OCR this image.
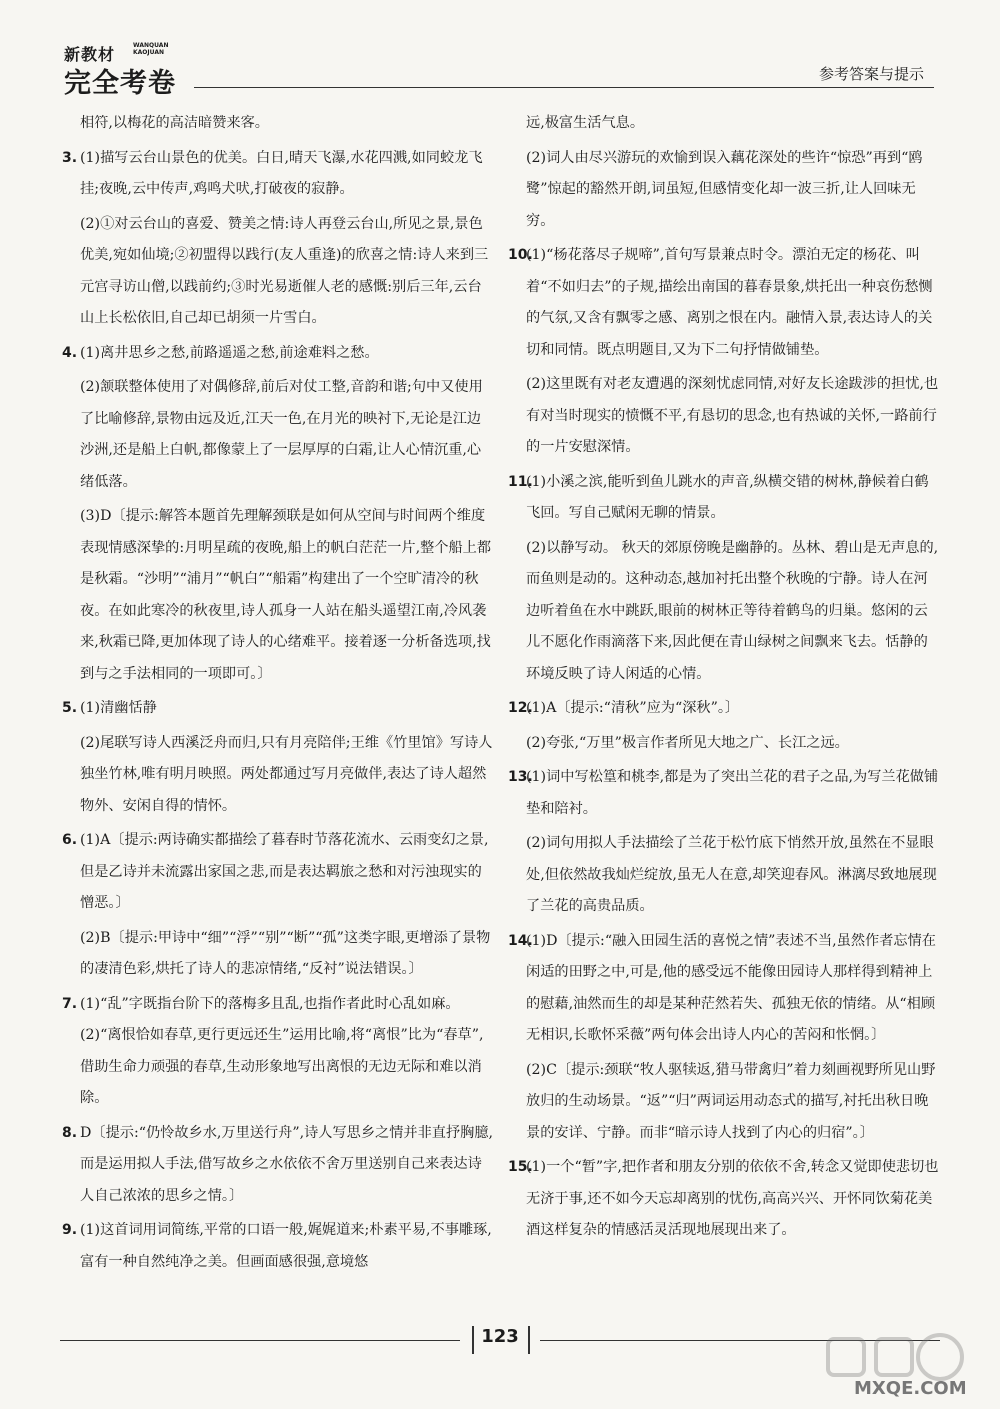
新教材	WANQUAN
KAOJUAN
完全考卷	参考答案与提示
相符,以梅花的高洁暗赞来客。
3. (1)描写云台山景色的优美。白日,晴天飞瀑,水花四溅,如同蛟龙飞挂;夜晚,云中传声,鸡鸣犬吠,打破夜的寂静。
(2)①对云台山的喜爱、赞美之情:诗人再登云台山,所见之景,景色优美,宛如仙境;②初盟得以践行(友人重逢)的欣喜之情:诗人来到三元宫寻访山僧,以践前约;③时光易逝催人老的感慨:别后三年,云台山上长松依旧,自己却已胡须一片雪白。
4. (1)离井思乡之愁,前路遥遥之愁,前途难料之愁。
(2)颔联整体使用了对偶修辞,前后对仗工整,音韵和谐;句中又使用了比喻修辞,景物由远及近,江天一色,在月光的映衬下,无论是江边沙洲,还是船上白帆,都像蒙上了一层厚厚的白霜,让人心情沉重,心绪低落。
(3)D〔提示:解答本题首先理解颈联是如何从空间与时间两个维度表现情感深挚的:月明星疏的夜晚,船上的帆白茫茫一片,整个船上都是秋霜。“沙明”“浦月”“帆白”“船霜”构建出了一个空旷清冷的秋夜。在如此寒冷的秋夜里,诗人孤身一人站在船头遥望江南,冷风袭来,秋霜已降,更加体现了诗人的心绪难平。接着逐一分析备选项,找到与之手法相同的一项即可。〕
5. (1)清幽恬静
(2)尾联写诗人西溪泛舟而归,只有月亮陪伴;王维《竹里馆》写诗人独坐竹林,唯有明月映照。两处都通过写月亮做伴,表达了诗人超然物外、安闲自得的情怀。
6. (1)A〔提示:两诗确实都描绘了暮春时节落花流水、云雨变幻之景,但是乙诗并未流露出家国之悲,而是表达羁旅之愁和对污浊现实的憎恶。〕
(2)B〔提示:甲诗中“细”“浮”“别”“断”“孤”这类字眼,更增添了景物的凄清色彩,烘托了诗人的悲凉情绪,“反衬”说法错误。〕
7. (1)“乱”字既指台阶下的落梅多且乱,也指作者此时心乱如麻。 (2)“离恨恰如春草,更行更远还生”运用比喻,将“离恨”比为“春草”,借助生命力顽强的春草,生动形象地写出离恨的无边无际和难以消除。
8. D〔提示:“仍怜故乡水,万里送行舟”,诗人写思乡之情并非直抒胸臆,而是运用拟人手法,借写故乡之水依依不舍万里送别自己来表达诗人自己浓浓的思乡之情。〕
9. (1)这首词用词简练,平常的口语一般,娓娓道来;朴素平易,不事雕琢,富有一种自然纯净之美。但画面感很强,意境悠
远,极富生活气息。
(2)词人由尽兴游玩的欢愉到误入藕花深处的些许“惊恐”再到“鸥鹭”惊起的豁然开朗,词虽短,但感情变化却一波三折,让人回味无穷。
10.
(1)“杨花落尽子规啼”,首句写景兼点时令。漂泊无定的杨花、叫着“不如归去”的子规,描绘出南国的暮春景象,烘托出一种哀伤愁恻的气氛,又含有飘零之感、离别之恨在内。融情入景,表达诗人的关切和同情。既点明题目,又为下二句抒情做铺垫。
(2)这里既有对老友遭遇的深刻忧虑同情,对好友长途跋涉的担忧,也有对当时现实的愤慨不平,有恳切的思念,也有热诚的关怀,一路前行的一片安慰深情。
11.
(1)小溪之滨,能听到鱼儿跳水的声音,纵横交错的树林,静候着白鹤飞回。写自己赋闲无聊的情景。
(2)以静写动。 秋天的郊原傍晚是幽静的。丛林、碧山是无声息的,而鱼则是动的。这种动态,越加衬托出整个秋晚的宁静。诗人在河边听着鱼在水中跳跃,眼前的树林正等待着鹤鸟的归巢。悠闲的云儿不愿化作雨滴落下来,因此便在青山绿树之间飘来飞去。恬静的环境反映了诗人闲适的心情。
12.
(1)A〔提示:“清秋”应为“深秋”。〕
(2)夸张,“万里”极言作者所见大地之广、长江之远。
13.
(1)词中写松篁和桃李,都是为了突出兰花的君子之品,为写兰花做铺垫和陪衬。
(2)词句用拟人手法描绘了兰花于松竹底下悄然开放,虽然在不显眼处,但依然故我灿烂绽放,虽无人在意,却笑迎春风。淋漓尽致地展现了兰花的高贵品质。
14.
(1)D〔提示:“融入田园生活的喜悦之情”表述不当,虽然作者忘情在闲适的田野之中,可是,他的感受远不能像田园诗人那样得到精神上的慰藉,油然而生的却是某种茫然若失、孤独无依的情绪。从“相顾无相识,长歌怀采薇”两句体会出诗人内心的苦闷和怅惘。〕
(2)C〔提示:颈联“牧人驱犊返,猎马带禽归”着力刻画视野所见山野放归的生动场景。“返”“归”两词运用动态式的描写,衬托出秋日晚景的安详、宁静。而非“暗示诗人找到了内心的归宿”。〕
15.
(1)一个“暂”字,把作者和朋友分别的依依不舍,转念又觉即使悲切也无济于事,还不如今天忘却离别的忧伤,高高兴兴、开怀同饮菊花美酒这样复杂的情感活灵活现地展现出来了。
123
MXQE.COM
